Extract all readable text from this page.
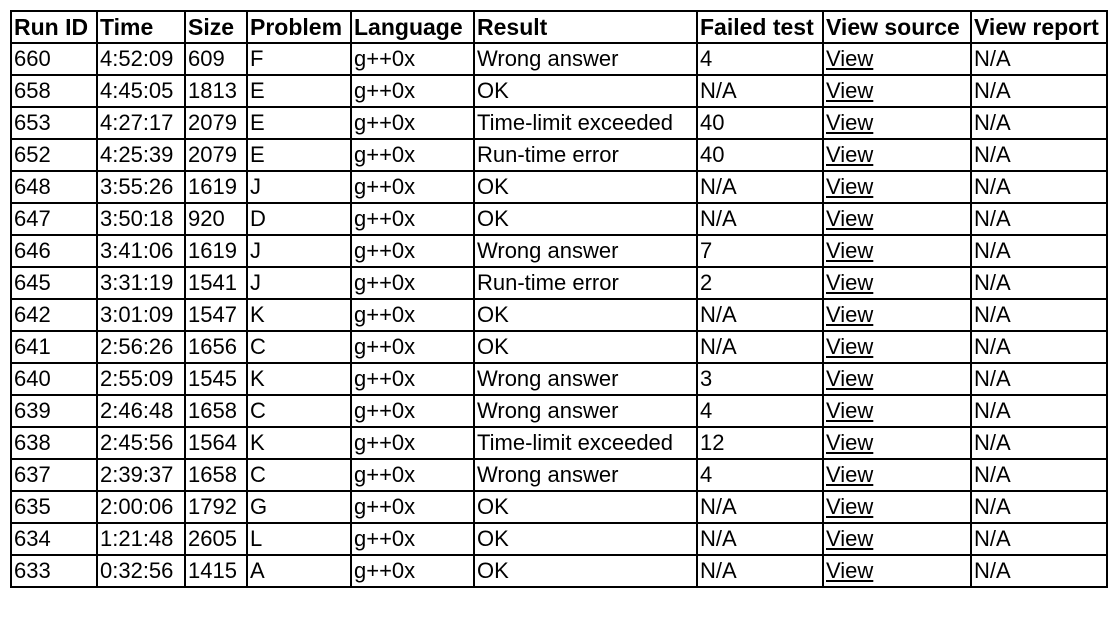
Run ID	Time	Size	Problem	Language	Result	Failed test	View source	View report
660	4:52:09	609	F	g++0x	Wrong answer	4	View	N/A
658	4:45:05	1813	E	g++0x	OK	N/A	View	N/A
653	4:27:17	2079	E	g++0x	Time-limit exceeded	40	View	N/A
652	4:25:39	2079	E	g++0x	Run-time error	40	View	N/A
648	3:55:26	1619	J	g++0x	OK	N/A	View	N/A
647	3:50:18	920	D	g++0x	OK	N/A	View	N/A
646	3:41:06	1619	J	g++0x	Wrong answer	7	View	N/A
645	3:31:19	1541	J	g++0x	Run-time error	2	View	N/A
642	3:01:09	1547	K	g++0x	OK	N/A	View	N/A
641	2:56:26	1656	C	g++0x	OK	N/A	View	N/A
640	2:55:09	1545	K	g++0x	Wrong answer	3	View	N/A
639	2:46:48	1658	C	g++0x	Wrong answer	4	View	N/A
638	2:45:56	1564	K	g++0x	Time-limit exceeded	12	View	N/A
637	2:39:37	1658	C	g++0x	Wrong answer	4	View	N/A
635	2:00:06	1792	G	g++0x	OK	N/A	View	N/A
634	1:21:48	2605	L	g++0x	OK	N/A	View	N/A
633	0:32:56	1415	A	g++0x	OK	N/A	View	N/A
